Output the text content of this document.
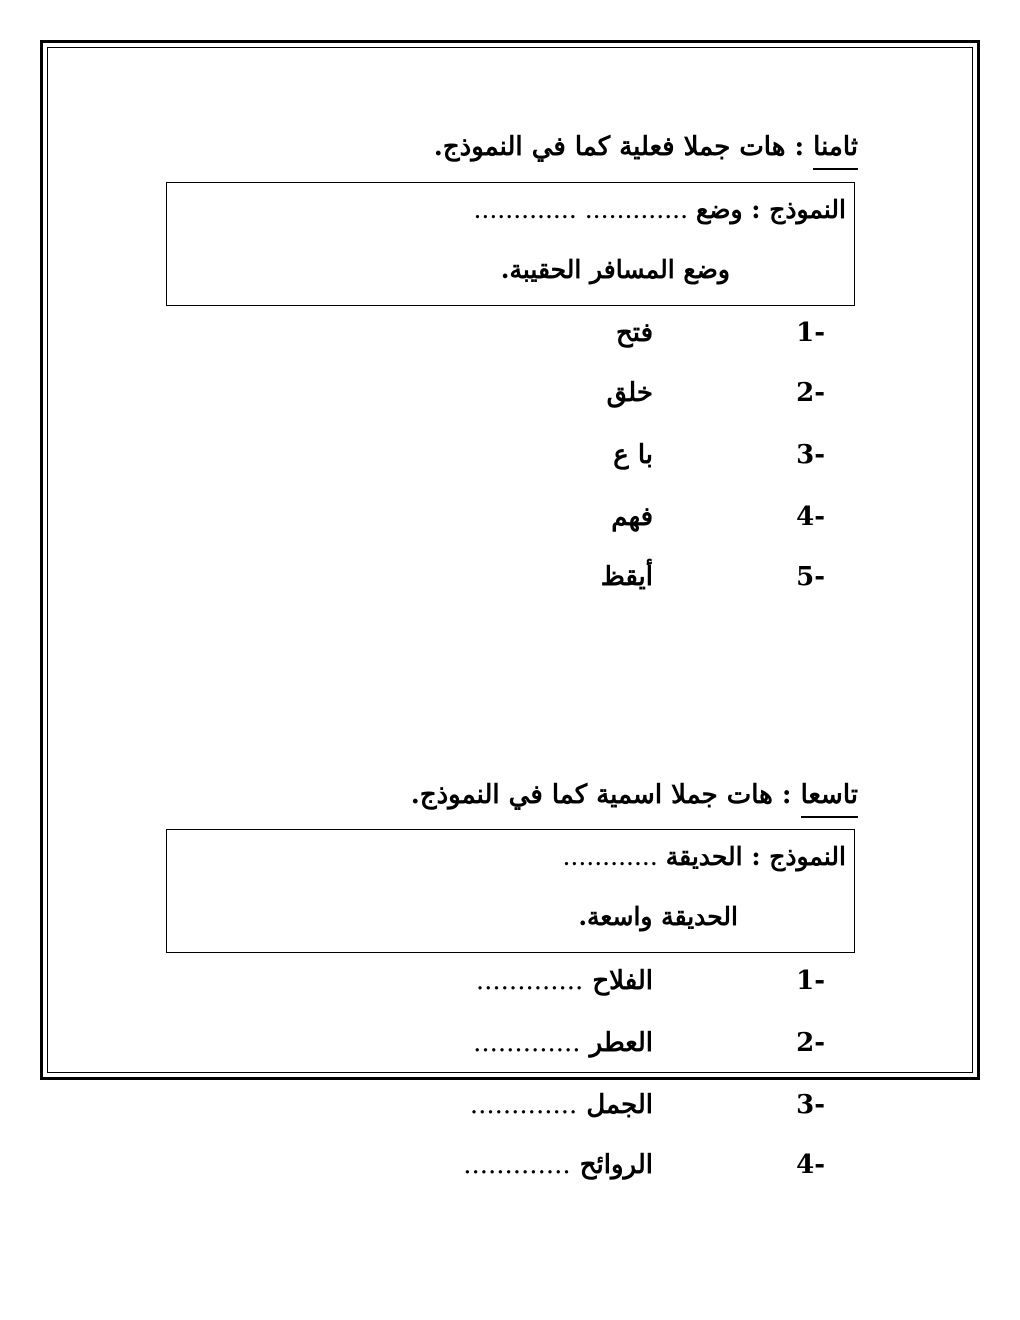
ثامنا : هات جملا فعلية كما في النموذج.
النموذج : وضع ............. .............
وضع المسافر الحقيبة.
1-
فتح
2-
خلق
3-
با ع
4-
فهم
5-
أيقظ
تاسعا : هات جملا اسمية كما في النموذج.
النموذج : الحديقة ............
الحديقة واسعة.
1-
الفلاح .............
2-
العطر .............
3-
الجمل .............
4-
الروائح .............
